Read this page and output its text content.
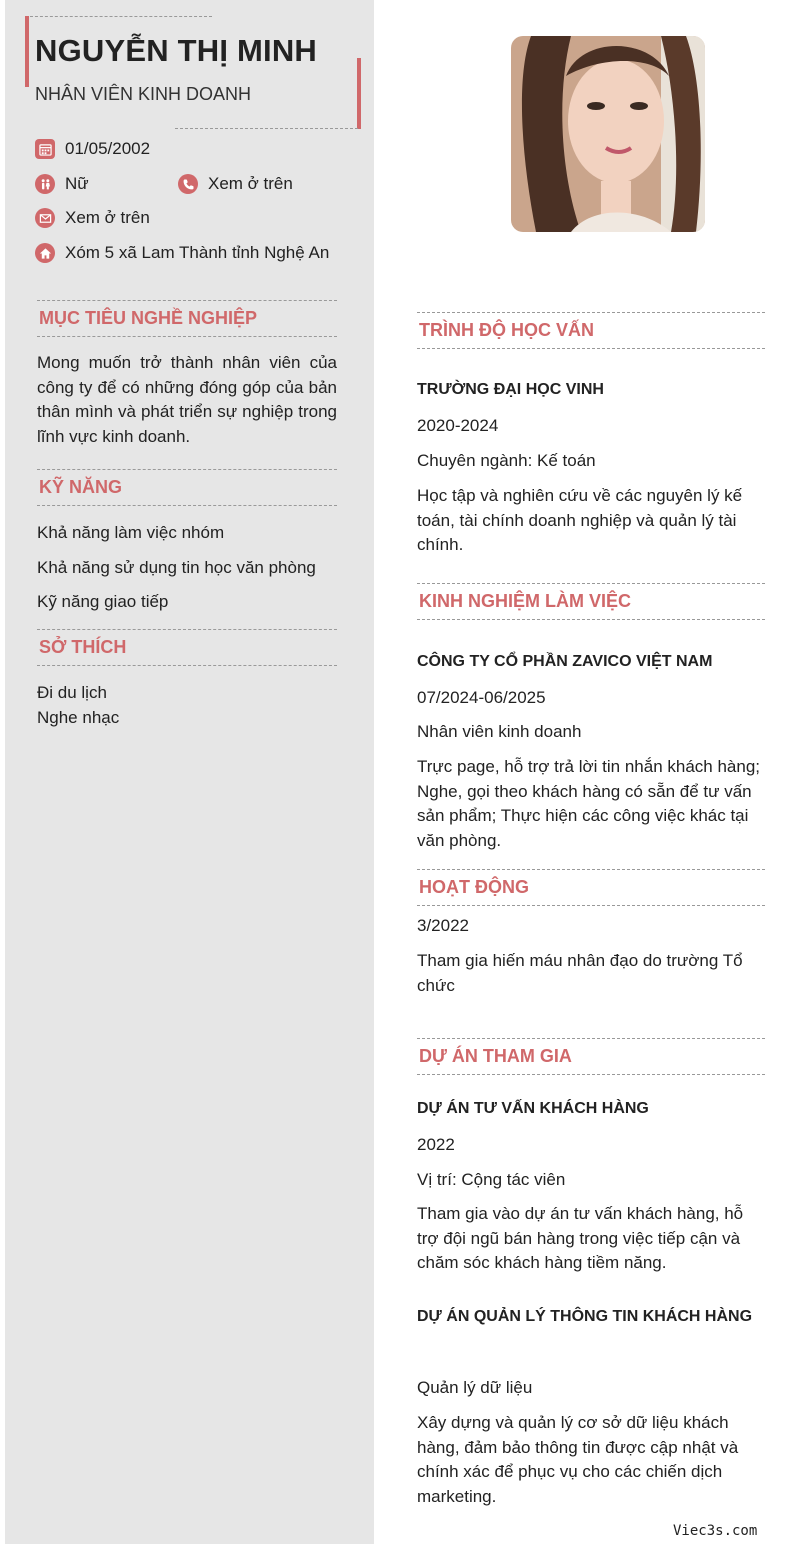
NGUYỄN THỊ MINH
NHÂN VIÊN KINH DOANH
01/05/2002
Nữ	Xem ở trên
Xem ở trên
Xóm 5 xã Lam Thành tỉnh Nghệ An
MỤC TIÊU NGHỀ NGHIỆP
Mong muốn trở thành nhân viên của công ty để có những đóng góp của bản thân mình và phát triển sự nghiệp trong lĩnh vực kinh doanh.
KỸ NĂNG
Khả năng làm việc nhóm
Khả năng sử dụng tin học văn phòng
Kỹ năng giao tiếp
SỞ THÍCH
Đi du lịch
Nghe nhạc
TRÌNH ĐỘ HỌC VẤN
TRƯỜNG ĐẠI HỌC VINH
2020-2024
Chuyên ngành: Kế toán
Học tập và nghiên cứu về các nguyên lý kế toán, tài chính doanh nghiệp và quản lý tài chính.
KINH NGHIỆM LÀM VIỆC
CÔNG TY CỔ PHẦN ZAVICO VIỆT NAM
07/2024-06/2025
Nhân viên kinh doanh
Trực page, hỗ trợ trả lời tin nhắn khách hàng; Nghe, gọi theo khách hàng có sẵn để tư vấn sản phẩm; Thực hiện các công việc khác tại văn phòng.
HOẠT ĐỘNG
3/2022
Tham gia hiến máu nhân đạo do trường Tổ chức
DỰ ÁN THAM GIA
DỰ ÁN TƯ VẤN KHÁCH HÀNG
2022
Vị trí: Cộng tác viên
Tham gia vào dự án tư vấn khách hàng, hỗ trợ đội ngũ bán hàng trong việc tiếp cận và chăm sóc khách hàng tiềm năng.
DỰ ÁN QUẢN LÝ THÔNG TIN KHÁCH HÀNG
Quản lý dữ liệu
Xây dựng và quản lý cơ sở dữ liệu khách hàng, đảm bảo thông tin được cập nhật và chính xác để phục vụ cho các chiến dịch marketing.
Viec3s.com
